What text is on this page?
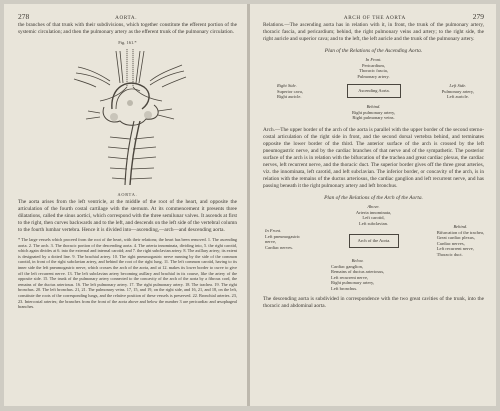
278	AORTA.

the branches of that trunk with their subdivisions, which together constitute the efferent portion of the systemic circulation; and then the pulmonary artery as the efferent trunk of the pulmonary circulation.

Fig. 161.*
AORTA.

The aorta arises from the left ventricle, at the middle of the root of the heart, and opposite the articulation of the fourth costal cartilage with the sternum. At its commencement it presents three dilatations, called the sinus aortici, which correspond with the three semilunar valves. It ascends at first to the right, then curves backwards and to the left, and descends on the left side of the vertebral column to the fourth lumbar vertebra. Hence it is divided into—ascending,—arch—and descending aorta.

* The large vessels which proceed from the root of the heart, with their relations; the heart has been removed. 1. The ascending aorta. 2. The arch. 3. The thoracic portion of the descending aorta. 4. The arteria innominata, dividing into, 5. the right carotid, which again divides at 6. into the external and internal carotid; and 7. the right subclavian artery. 8. The axillary artery; its extent is designated by a dotted line. 9. The brachial artery. 10. The right pneumogastric nerve running by the side of the common carotid, in front of the right subclavian artery, and behind the root of the right lung. 11. The left common carotid, having to its inner side the left pneumogastric nerve, which crosses the arch of the aorta, and at 12. makes its lower border to curve to give off the left recurrent nerve. 13. The left subclavian artery becoming axillary and brachial in its course, like the artery of the opposite side. 15. The trunk of the pulmonary artery connected to the concavity of the arch of the aorta by a fibrous cord, the remains of the ductus arteriosus. 16. The left pulmonary artery. 17. The right pulmonary artery. 18. The trachea. 19. The right bronchus. 20. The left bronchus. 21, 21. The pulmonary veins. 17, 15, and 19, on the right side, and 16, 21, and 18, on the left, constitute the roots of the corresponding lungs, and the relative position of these vessels is preserved. 22. Bronchial arteries. 23, 23. Intercostal arteries; the branches from the front of the aorta above and below the number 3 are pericardiac and œsophageal branches.
ARCH OF THE AORTA	279

Relations.—The ascending aorta has in relation with it, in front, the trunk of the pulmonary artery, thoracic fascia, and pericardium; behind, the right pulmonary veins and artery; to the right side, the right auricle and superior cava; and to the left, the left auricle and the trunk of the pulmonary artery.

Plan of the Relations of the Ascending Aorta.
In Front.
Pericardium,
Thoracic fascia,
Pulmonary artery.
Right Side.
Superior cava,
Right auricle.
Ascending Aorta.
Left Side.
Pulmonary artery,
Left auricle.
Behind.
Right pulmonary artery,
Right pulmonary veins.

Arch.—The upper border of the arch of the aorta is parallel with the upper border of the second sterno-costal articulation of the right side in front, and the second dorsal vertebra behind, and terminates opposite the lower border of the third. The anterior surface of the arch is crossed by the left pneumogastric nerve, and by the cardiac branches of that nerve and of the sympathetic. The posterior surface of the arch is in relation with the bifurcation of the trachea and great cardiac plexus, the cardiac nerves, left recurrent nerve, and the thoracic duct. The superior border gives off the three great arteries, viz. the innominata, left carotid, and left subclavian. The inferior border, or concavity of the arch, is in relation with the remains of the ductus arteriosus, the cardiac ganglion and left recurrent nerve, and has passing beneath it the right pulmonary artery and left bronchus.

Plan of the Relations of the Arch of the Aorta.
Above.
Arteria innominata,
Left carotid,
Left subclavian.
In Front.
Left pneumogastric
nerve,
Cardiac nerves.
Arch of the Aorta.
Behind.
Bifurcation of the trachea,
Great cardiac plexus,
Cardiac nerves,
Left recurrent nerve,
Thoracic duct.
Below.
Cardiac ganglion,
Remains of ductus arteriosus,
Left recurrent nerve,
Right pulmonary artery,
Left bronchus.

The descending aorta is subdivided in correspondence with the two great cavities of the trunk, into the thoracic and abdominal aorta.
